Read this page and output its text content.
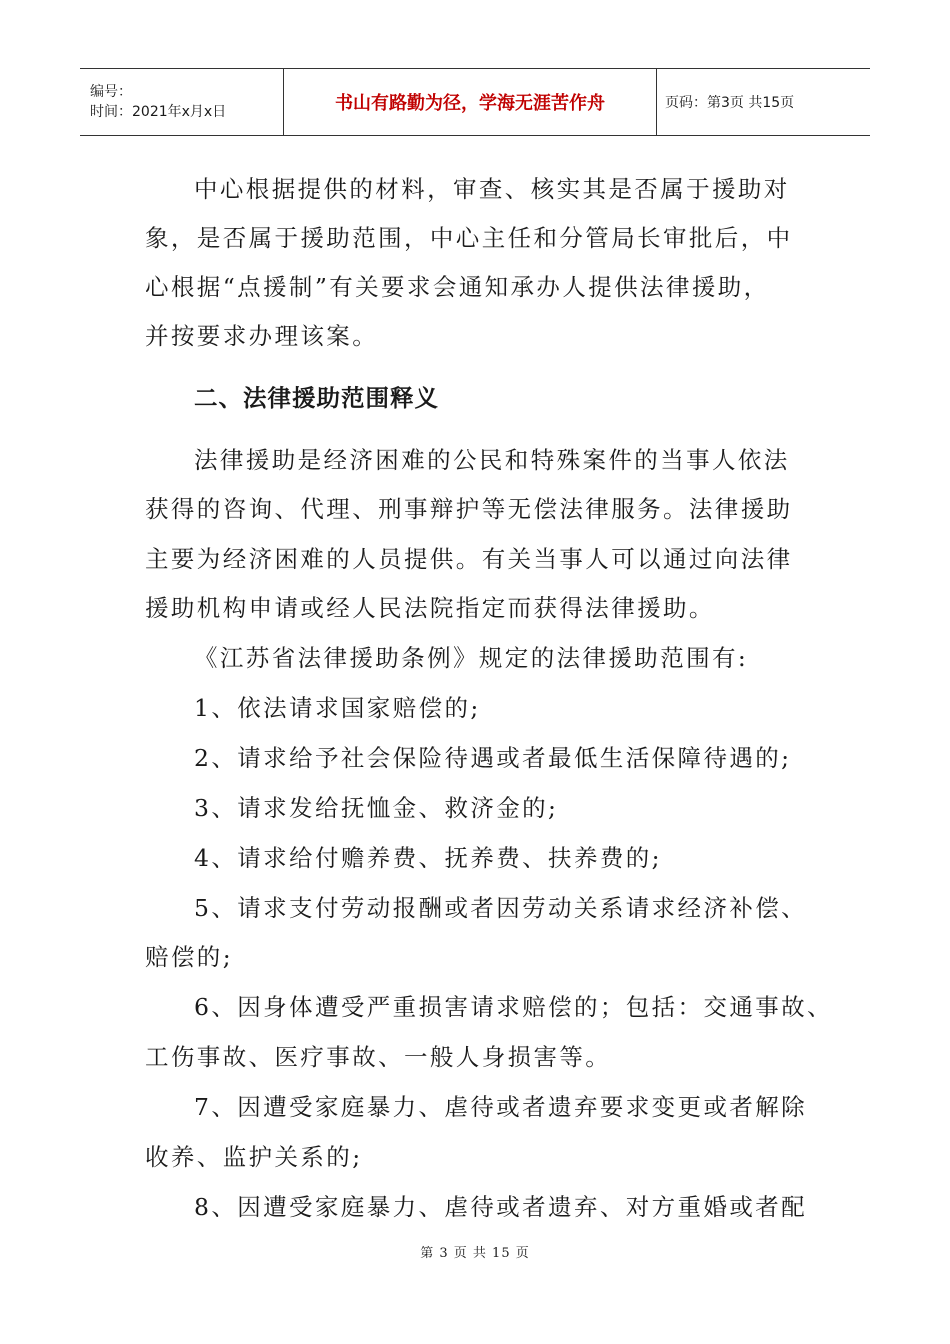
编号：
时间：2021年x月x日	书山有路勤为径，学海无涯苦作舟	页码：第3页 共15页
中心根据提供的材料，审查、核实其是否属于援助对
象，是否属于援助范围，中心主任和分管局长审批后，中
心根据“点援制”有关要求会通知承办人提供法律援助，
并按要求办理该案。
二、法律援助范围释义
法律援助是经济困难的公民和特殊案件的当事人依法
获得的咨询、代理、刑事辩护等无偿法律服务。法律援助
主要为经济困难的人员提供。有关当事人可以通过向法律
援助机构申请或经人民法院指定而获得法律援助。
《江苏省法律援助条例》规定的法律援助范围有:
1、依法请求国家赔偿的;
2、请求给予社会保险待遇或者最低生活保障待遇的;
3、请求发给抚恤金、救济金的;
4、请求给付赡养费、抚养费、扶养费的;
5、请求支付劳动报酬或者因劳动关系请求经济补偿、
赔偿的;
6、因身体遭受严重损害请求赔偿的；包括：交通事故、
工伤事故、医疗事故、一般人身损害等。
7、因遭受家庭暴力、虐待或者遗弃要求变更或者解除
收养、监护关系的;
8、因遭受家庭暴力、虐待或者遗弃、对方重婚或者配
第 3 页 共 15 页
